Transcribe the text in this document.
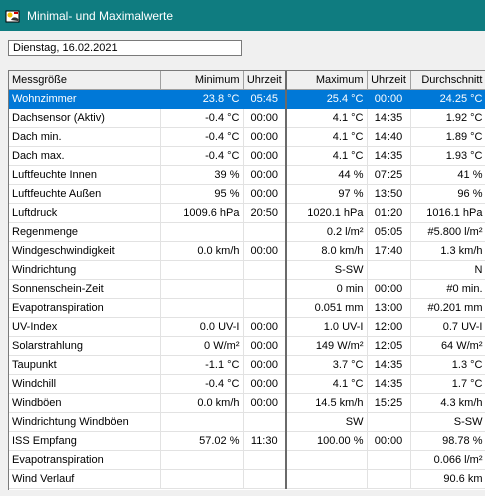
Minimal- und Maximalwerte
Dienstag, 16.02.2021
Messgröße	Minimum	Uhrzeit	Maximum	Uhrzeit	Durchschnitt
Wohnzimmer	23.8 °C	05:45	25.4 °C	00:00	24.25 °C
Dachsensor (Aktiv)	-0.4 °C	00:00	4.1 °C	14:35	1.92 °C
Dach min.	-0.4 °C	00:00	4.1 °C	14:40	1.89 °C
Dach max.	-0.4 °C	00:00	4.1 °C	14:35	1.93 °C
Luftfeuchte Innen	39 %	00:00	44 %	07:25	41 %
Luftfeuchte Außen	95 %	00:00	97 %	13:50	96 %
Luftdruck	1009.6 hPa	20:50	1020.1 hPa	01:20	1016.1 hPa
Regenmenge			0.2 l/m²	05:05	#5.800 l/m²
Windgeschwindigkeit	0.0 km/h	00:00	8.0 km/h	17:40	1.3 km/h
Windrichtung			S-SW		N
Sonnenschein-Zeit			0 min	00:00	#0 min.
Evapotranspiration			0.051 mm	13:00	#0.201 mm
UV-Index	0.0 UV-I	00:00	1.0 UV-I	12:00	0.7 UV-I
Solarstrahlung	0 W/m²	00:00	149 W/m²	12:05	64 W/m²
Taupunkt	-1.1 °C	00:00	3.7 °C	14:35	1.3 °C
Windchill	-0.4 °C	00:00	4.1 °C	14:35	1.7 °C
Windböen	0.0 km/h	00:00	14.5 km/h	15:25	4.3 km/h
Windrichtung Windböen			SW		S-SW
ISS Empfang	57.02 %	11:30	100.00 %	00:00	98.78 %
Evapotranspiration					0.066 l/m²
Wind Verlauf					90.6 km
